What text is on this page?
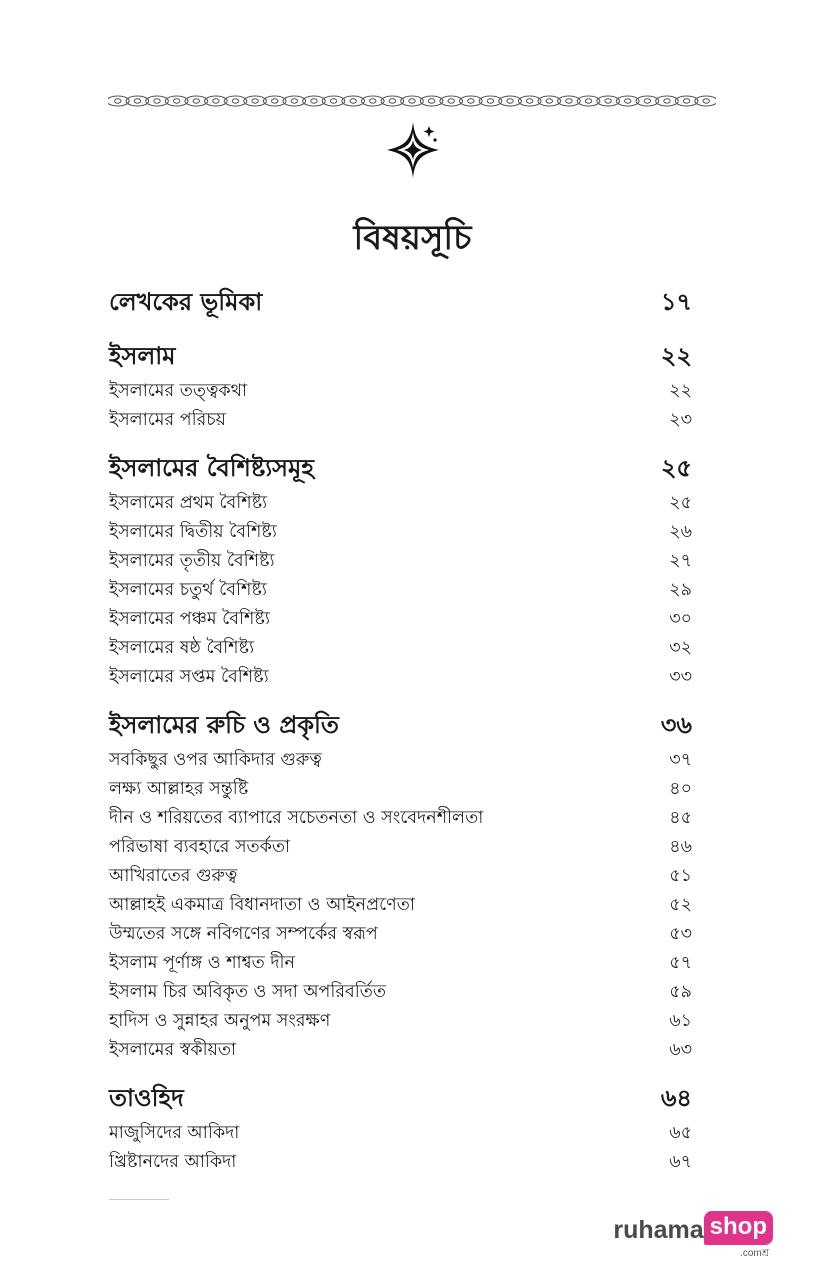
বিষয়সূচি
লেখকের ভূমিকা	১৭
ইসলাম	২২
ইসলামের তত্ত্বকথা	২২
ইসলামের পরিচয়	২৩
ইসলামের বৈশিষ্ট্যসমূহ	২৫
ইসলামের প্রথম বৈশিষ্ট্য	২৫
ইসলামের দ্বিতীয় বৈশিষ্ট্য	২৬
ইসলামের তৃতীয় বৈশিষ্ট্য	২৭
ইসলামের চতুর্থ বৈশিষ্ট্য	২৯
ইসলামের পঞ্চম বৈশিষ্ট্য	৩০
ইসলামের ষষ্ঠ বৈশিষ্ট্য	৩২
ইসলামের সপ্তম বৈশিষ্ট্য	৩৩
ইসলামের রুচি ও প্রকৃতি	৩৬
সবকিছুর ওপর আকিদার গুরুত্ব	৩৭
লক্ষ্য আল্লাহর সন্তুষ্টি	৪০
দীন ও শরিয়তের ব্যাপারে সচেতনতা ও সংবেদনশীলতা	৪৫
পরিভাষা ব্যবহারে সতর্কতা	৪৬
আখিরাতের গুরুত্ব	৫১
আল্লাহই একমাত্র বিধানদাতা ও আইনপ্রণেতা	৫২
উম্মতের সঙ্গে নবিগণের সম্পর্কের স্বরূপ	৫৩
ইসলাম পূর্ণাঙ্গ ও শাশ্বত দীন	৫৭
ইসলাম চির অবিকৃত ও সদা অপরিবর্তিত	৫৯
হাদিস ও সুন্নাহর অনুপম সংরক্ষণ	৬১
ইসলামের স্বকীয়তা	৬৩
তাওহিদ	৬৪
মাজুসিদের আকিদা	৬৫
খ্রিষ্টানদের আকিদা	৬৭
ruhama shop
.comশ্র
